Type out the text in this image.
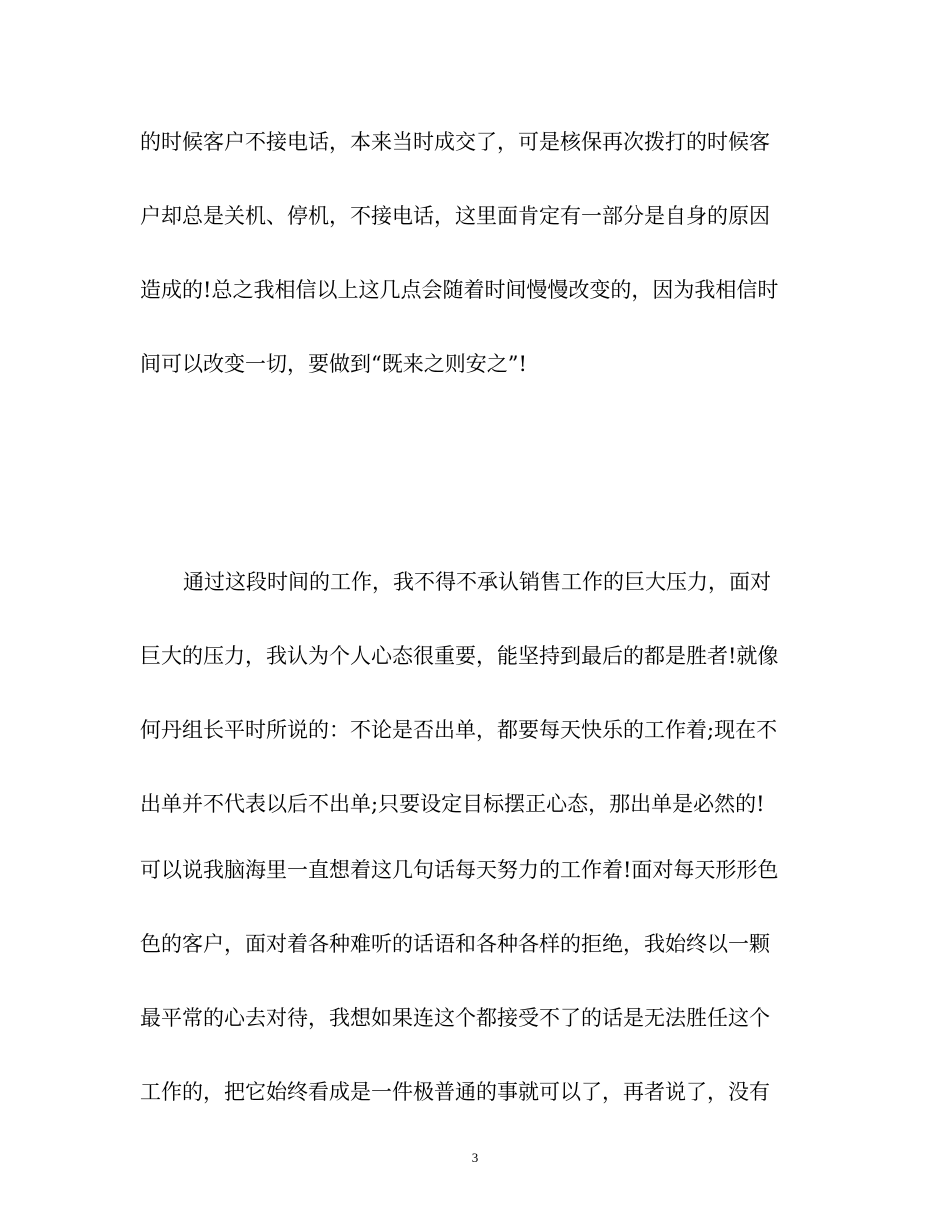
的时候客户不接电话，本来当时成交了，可是核保再次拨打的时候客
户却总是关机、停机，不接电话，这里面肯定有一部分是自身的原因
造成的!总之我相信以上这几点会随着时间慢慢改变的，因为我相信时
间可以改变一切，要做到“既来之则安之”!
通过这段时间的工作，我不得不承认销售工作的巨大压力，面对
巨大的压力，我认为个人心态很重要，能坚持到最后的都是胜者!就像
何丹组长平时所说的：不论是否出单，都要每天快乐的工作着;现在不
出单并不代表以后不出单;只要设定目标摆正心态，那出单是必然的!
可以说我脑海里一直想着这几句话每天努力的工作着!面对每天形形色
色的客户，面对着各种难听的话语和各种各样的拒绝，我始终以一颗
最平常的心去对待，我想如果连这个都接受不了的话是无法胜任这个
工作的，把它始终看成是一件极普通的事就可以了，再者说了，没有
3
